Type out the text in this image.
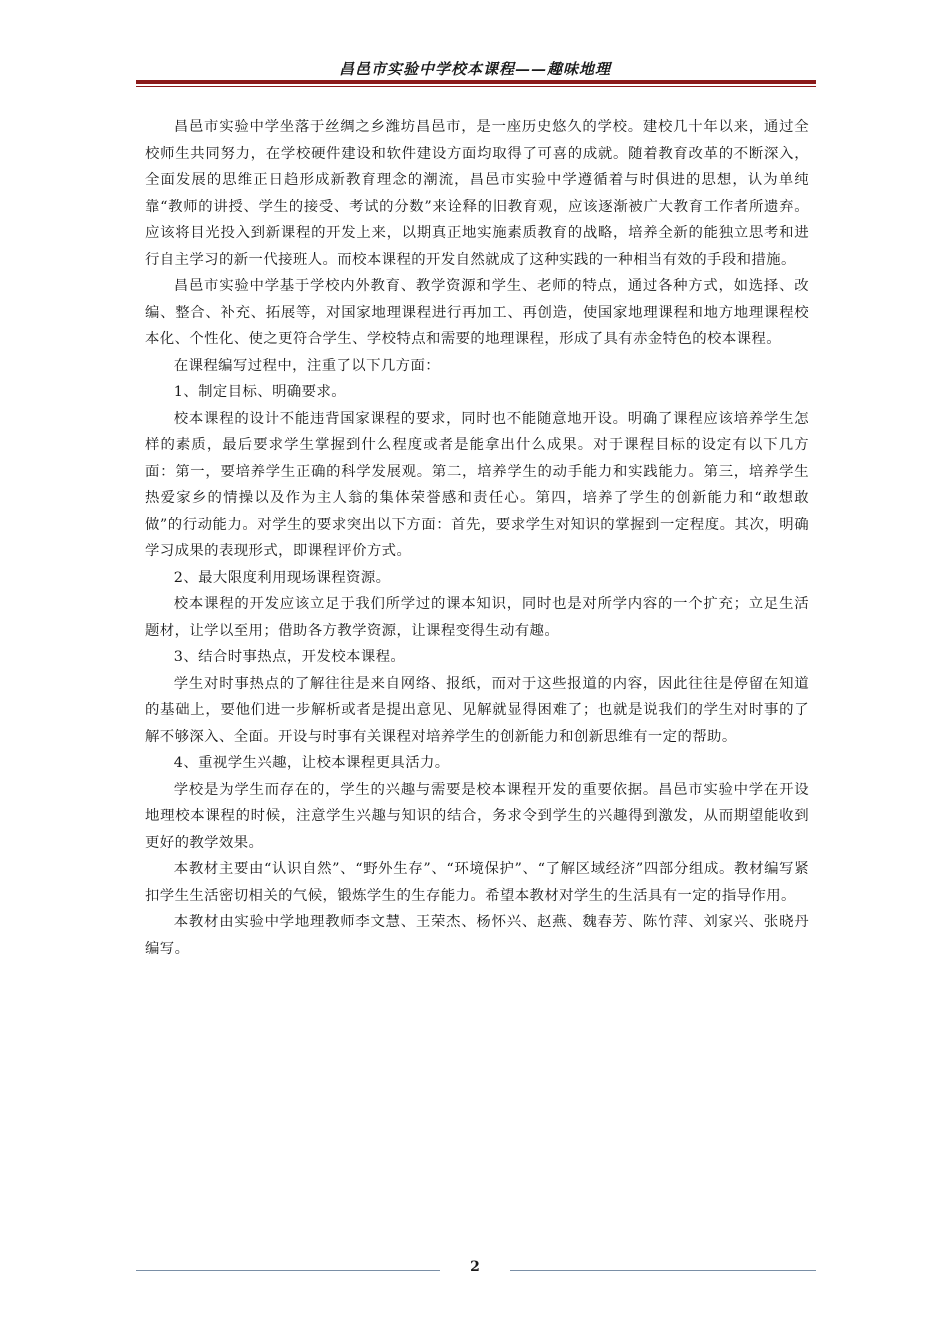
昌邑市实验中学校本课程——趣味地理

昌邑市实验中学坐落于丝绸之乡潍坊昌邑市，是一座历史悠久的学校。建校几十年以来，通过全校师生共同努力，在学校硬件建设和软件建设方面均取得了可喜的成就。随着教育改革的不断深入，全面发展的思维正日趋形成新教育理念的潮流，昌邑市实验中学遵循着与时俱进的思想，认为单纯靠“教师的讲授、学生的接受、考试的分数”来诠释的旧教育观，应该逐渐被广大教育工作者所遗弃。应该将目光投入到新课程的开发上来，以期真正地实施素质教育的战略，培养全新的能独立思考和进行自主学习的新一代接班人。而校本课程的开发自然就成了这种实践的一种相当有效的手段和措施。

昌邑市实验中学基于学校内外教育、教学资源和学生、老师的特点，通过各种方式，如选择、改编、整合、补充、拓展等，对国家地理课程进行再加工、再创造，使国家地理课程和地方地理课程校本化、个性化、使之更符合学生、学校特点和需要的地理课程，形成了具有赤金特色的校本课程。

在课程编写过程中，注重了以下几方面：

1、制定目标、明确要求。

校本课程的设计不能违背国家课程的要求，同时也不能随意地开设。明确了课程应该培养学生怎样的素质，最后要求学生掌握到什么程度或者是能拿出什么成果。对于课程目标的设定有以下几方面：第一，要培养学生正确的科学发展观。第二，培养学生的动手能力和实践能力。第三，培养学生热爱家乡的情操以及作为主人翁的集体荣誉感和责任心。第四，培养了学生的创新能力和“敢想敢做”的行动能力。对学生的要求突出以下方面：首先，要求学生对知识的掌握到一定程度。其次，明确学习成果的表现形式，即课程评价方式。

2、最大限度利用现场课程资源。

校本课程的开发应该立足于我们所学过的课本知识，同时也是对所学内容的一个扩充；立足生活题材，让学以至用；借助各方教学资源，让课程变得生动有趣。

3、结合时事热点，开发校本课程。

学生对时事热点的了解往往是来自网络、报纸，而对于这些报道的内容，因此往往是停留在知道的基础上，要他们进一步解析或者是提出意见、见解就显得困难了；也就是说我们的学生对时事的了解不够深入、全面。开设与时事有关课程对培养学生的创新能力和创新思维有一定的帮助。

4、重视学生兴趣，让校本课程更具活力。

学校是为学生而存在的，学生的兴趣与需要是校本课程开发的重要依据。昌邑市实验中学在开设地理校本课程的时候，注意学生兴趣与知识的结合，务求令到学生的兴趣得到激发，从而期望能收到更好的教学效果。

本教材主要由“认识自然”、“野外生存”、“环境保护”、“了解区域经济”四部分组成。教材编写紧扣学生生活密切相关的气候，锻炼学生的生存能力。希望本教材对学生的生活具有一定的指导作用。

本教材由实验中学地理教师李文慧、王荣杰、杨怀兴、赵燕、魏春芳、陈竹萍、刘家兴、张晓丹编写。

2
